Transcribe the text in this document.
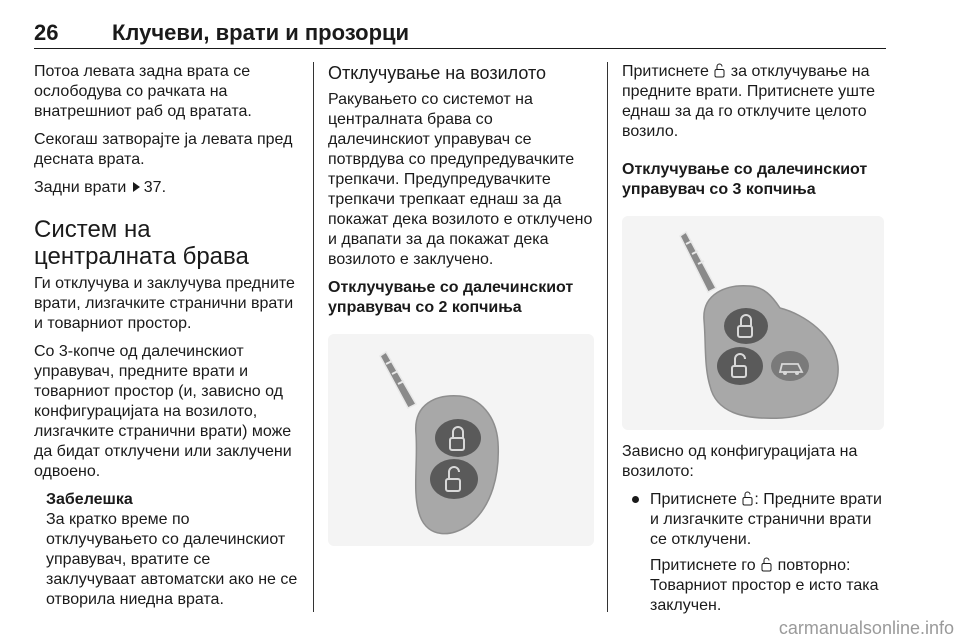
26 Клучеви, врати и прозорци

Потоа левата задна врата се ослободува со рачката на внатрешниот раб од вратата.

Секогаш затворајте ја левата пред десната врата.

Задни врати 37.

Систем на централната брава

Ги отклучува и заклучува предните врати, лизгачките странични врати и товарниот простор.

Со 3-копче од далечинскиот управувач, предните врати и товарниот простор (и, зависно од конфигурацијата на возилото, лизгачките странични врати) може да бидат отклучени или заклучени одвоено.

Забелешка
За кратко време по отклучувањето со далечинскиот управувач, вратите се заклучуваат автоматски ако не се отворила ниедна врата.
Отклучување на возилото

Ракувањето со системот на централната брава со далечинскиот управувач се потврдува со предупредувачките трепкачи. Предупредувачките трепкачи трепкаат еднаш за да покажат дека возилото е отклучено и двапати за да покажат дека возилото е заклучено.

Отклучување со далечинскиот управувач со 2 копчиња

Притиснете за отклучување на предните врати. Притиснете уште еднаш за да го отклучите целото возило.

Отклучување со далечинскиот управувач со 3 копчиња

Зависно од конфигурацијата на возилото:

Притиснете : Предните врати и лизгачките странични врати се отклучени.
Притиснете го повторно: Товарниот простор е исто така заклучен.
carmanualsonline.info
